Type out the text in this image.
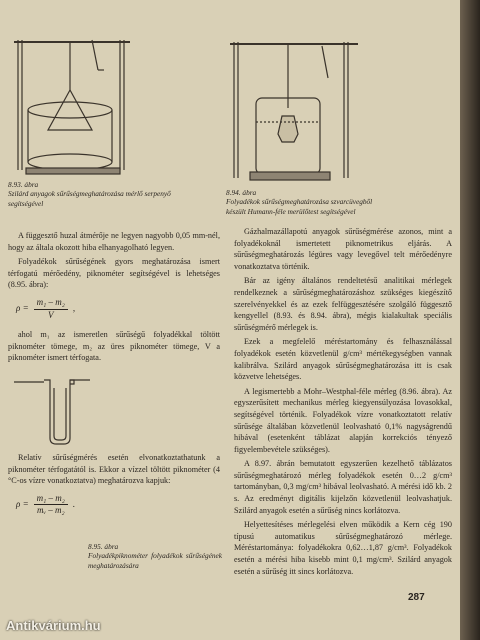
8.93. ábra
Szilárd anyagok sűrűségmeghatározása mérlő serpenyő segítségével
8.94. ábra
Folyadékok sűrűségmeghatározása szvarcüvegből készült Humann-féle merülőtest segítségével

A függesztő huzal átmérője ne legyen nagyobb 0,05 mm-nél, hogy az általa okozott hiba elhanyagolható legyen.

Folyadékok sűrűségének gyors meghatározása ismert térfogatú mérőedény, piknométer segítségével is lehetséges (8.95. ábra):

$\rho = \frac{\text{m₁ – m₂}}{V}$ ,

ahol m₁ az ismeretlen sűrűségű folyadékkal töltött piknométer tömege, m₂ az üres piknométer tömege, V a piknométer ismert térfogata.

8.95. ábra
Folyadékpiknométer folyadékok sűrűségének meghatározására

Relatív sűrűségmérés esetén elvonatkoztathatunk a piknométer térfogatától is. Ekkor a vízzel töltött piknométer (4 °C-os vízre vonatkoztatva) meghatározva kapjuk:

$\rho = \frac{\text{m₁ – m₂}}{\text{mᵥ – m₂}}$ .

Gázhalmazállapotú anyagok sűrűségmérése azonos, mint a folyadékoknál ismertetett piknometrikus eljárás. A sűrűségmeghatározás légüres vagy levegővel telt mérőedényre vonatkoztatva történik.

Bár az igény általános rendeltetésű analitikai mérlegek rendelkeznek a sűrűségmeghatározáshoz szükséges kiegészítő szerelvényekkel és az ezek felfüggesztésére szolgáló függesztő kengyellel (8.93. és 8.94. ábra), mégis kialakultak speciális sűrűségmérő mérlegek is.

Ezek a megfelelő méréstartomány és felhasználással folyadékok esetén közvetlenül g/cm³ mértékegységben vannak kalibrálva. Szilárd anyagok sűrűségmeghatározása itt is csak közvetve lehetséges.

A legismertebb a Mohr–Westphal-féle mérleg (8.96. ábra). Az egyszerűsített mechanikus mérleg kiegyensúlyozása lovasokkal, segítségével történik. Folyadékok vízre vonatkoztatott relatív sűrűsége általában közvetlenül leolvasható 0,1% nagyságrendű hibával (esetenként táblázat alapján korrekciós tényező figyelembevétele szükséges).

A 8.97. ábrán bemutatott egyszerűen kezelhető táblázatos sűrűségmeghatározó mérleg folyadékok esetén 0…2 g/cm³ tartományban, 0,3 mg/cm³ hibával leolvasható. A mérési idő kb. 2 s. Az eredményt digitális kijelzőn közvetlenül leolvashatjuk. Szilárd anyagok esetén a sűrűség nincs korlátozva.

Helyettesítéses mérlegelési elven működik a Kern cég 190 típusú automatikus sűrűségmeghatározó mérlege. Méréstartománya: folyadékokra 0,62…1,87 g/cm³. Folyadékok esetén a mérési hiba kisebb mint 0,1 mg/cm³. Szilárd anyagok esetén a sűrűség itt sincs korlátozva.

287
Antikvárium.hu
